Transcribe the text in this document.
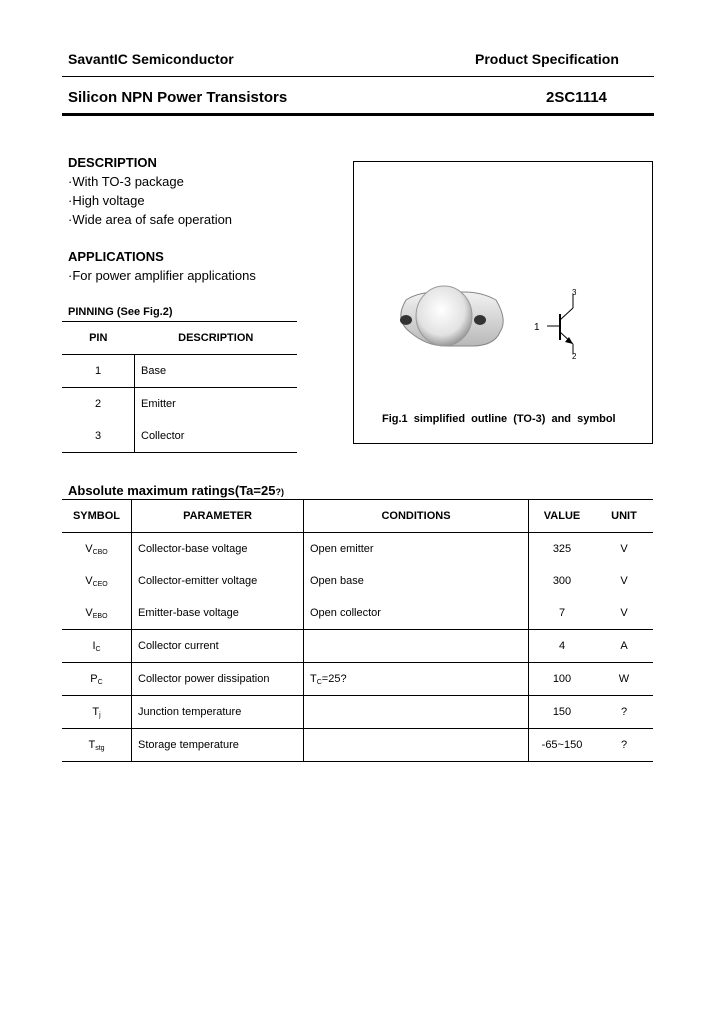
SavantIC Semiconductor	Product Specification
Silicon NPN Power Transistors	2SC1114
DESCRIPTION
·With TO-3 package
·High voltage
·Wide area of safe operation
APPLICATIONS
·For power amplifier applications
PINNING (See Fig.2)
PIN	DESCRIPTION
1	Base
2	Emitter
3	Collector
1
2
3
Fig.1 simplified outline (TO-3) and symbol
Absolute maximum ratings(Ta=25?)
SYMBOL	PARAMETER	CONDITIONS	VALUE	UNIT
$V_{CBO}$	Collector-base voltage	Open emitter	325	V
$V_{CEO}$	Collector-emitter voltage	Open base	300	V
$V_{EBO}$	Emitter-base voltage	Open collector	7	V
$I_C$	Collector current		4	A
$P_C$	Collector power dissipation	$T_C=25$?	100	W
$T_j$	Junction temperature		150	?
$T_{stg}$	Storage temperature		-65~150	?
